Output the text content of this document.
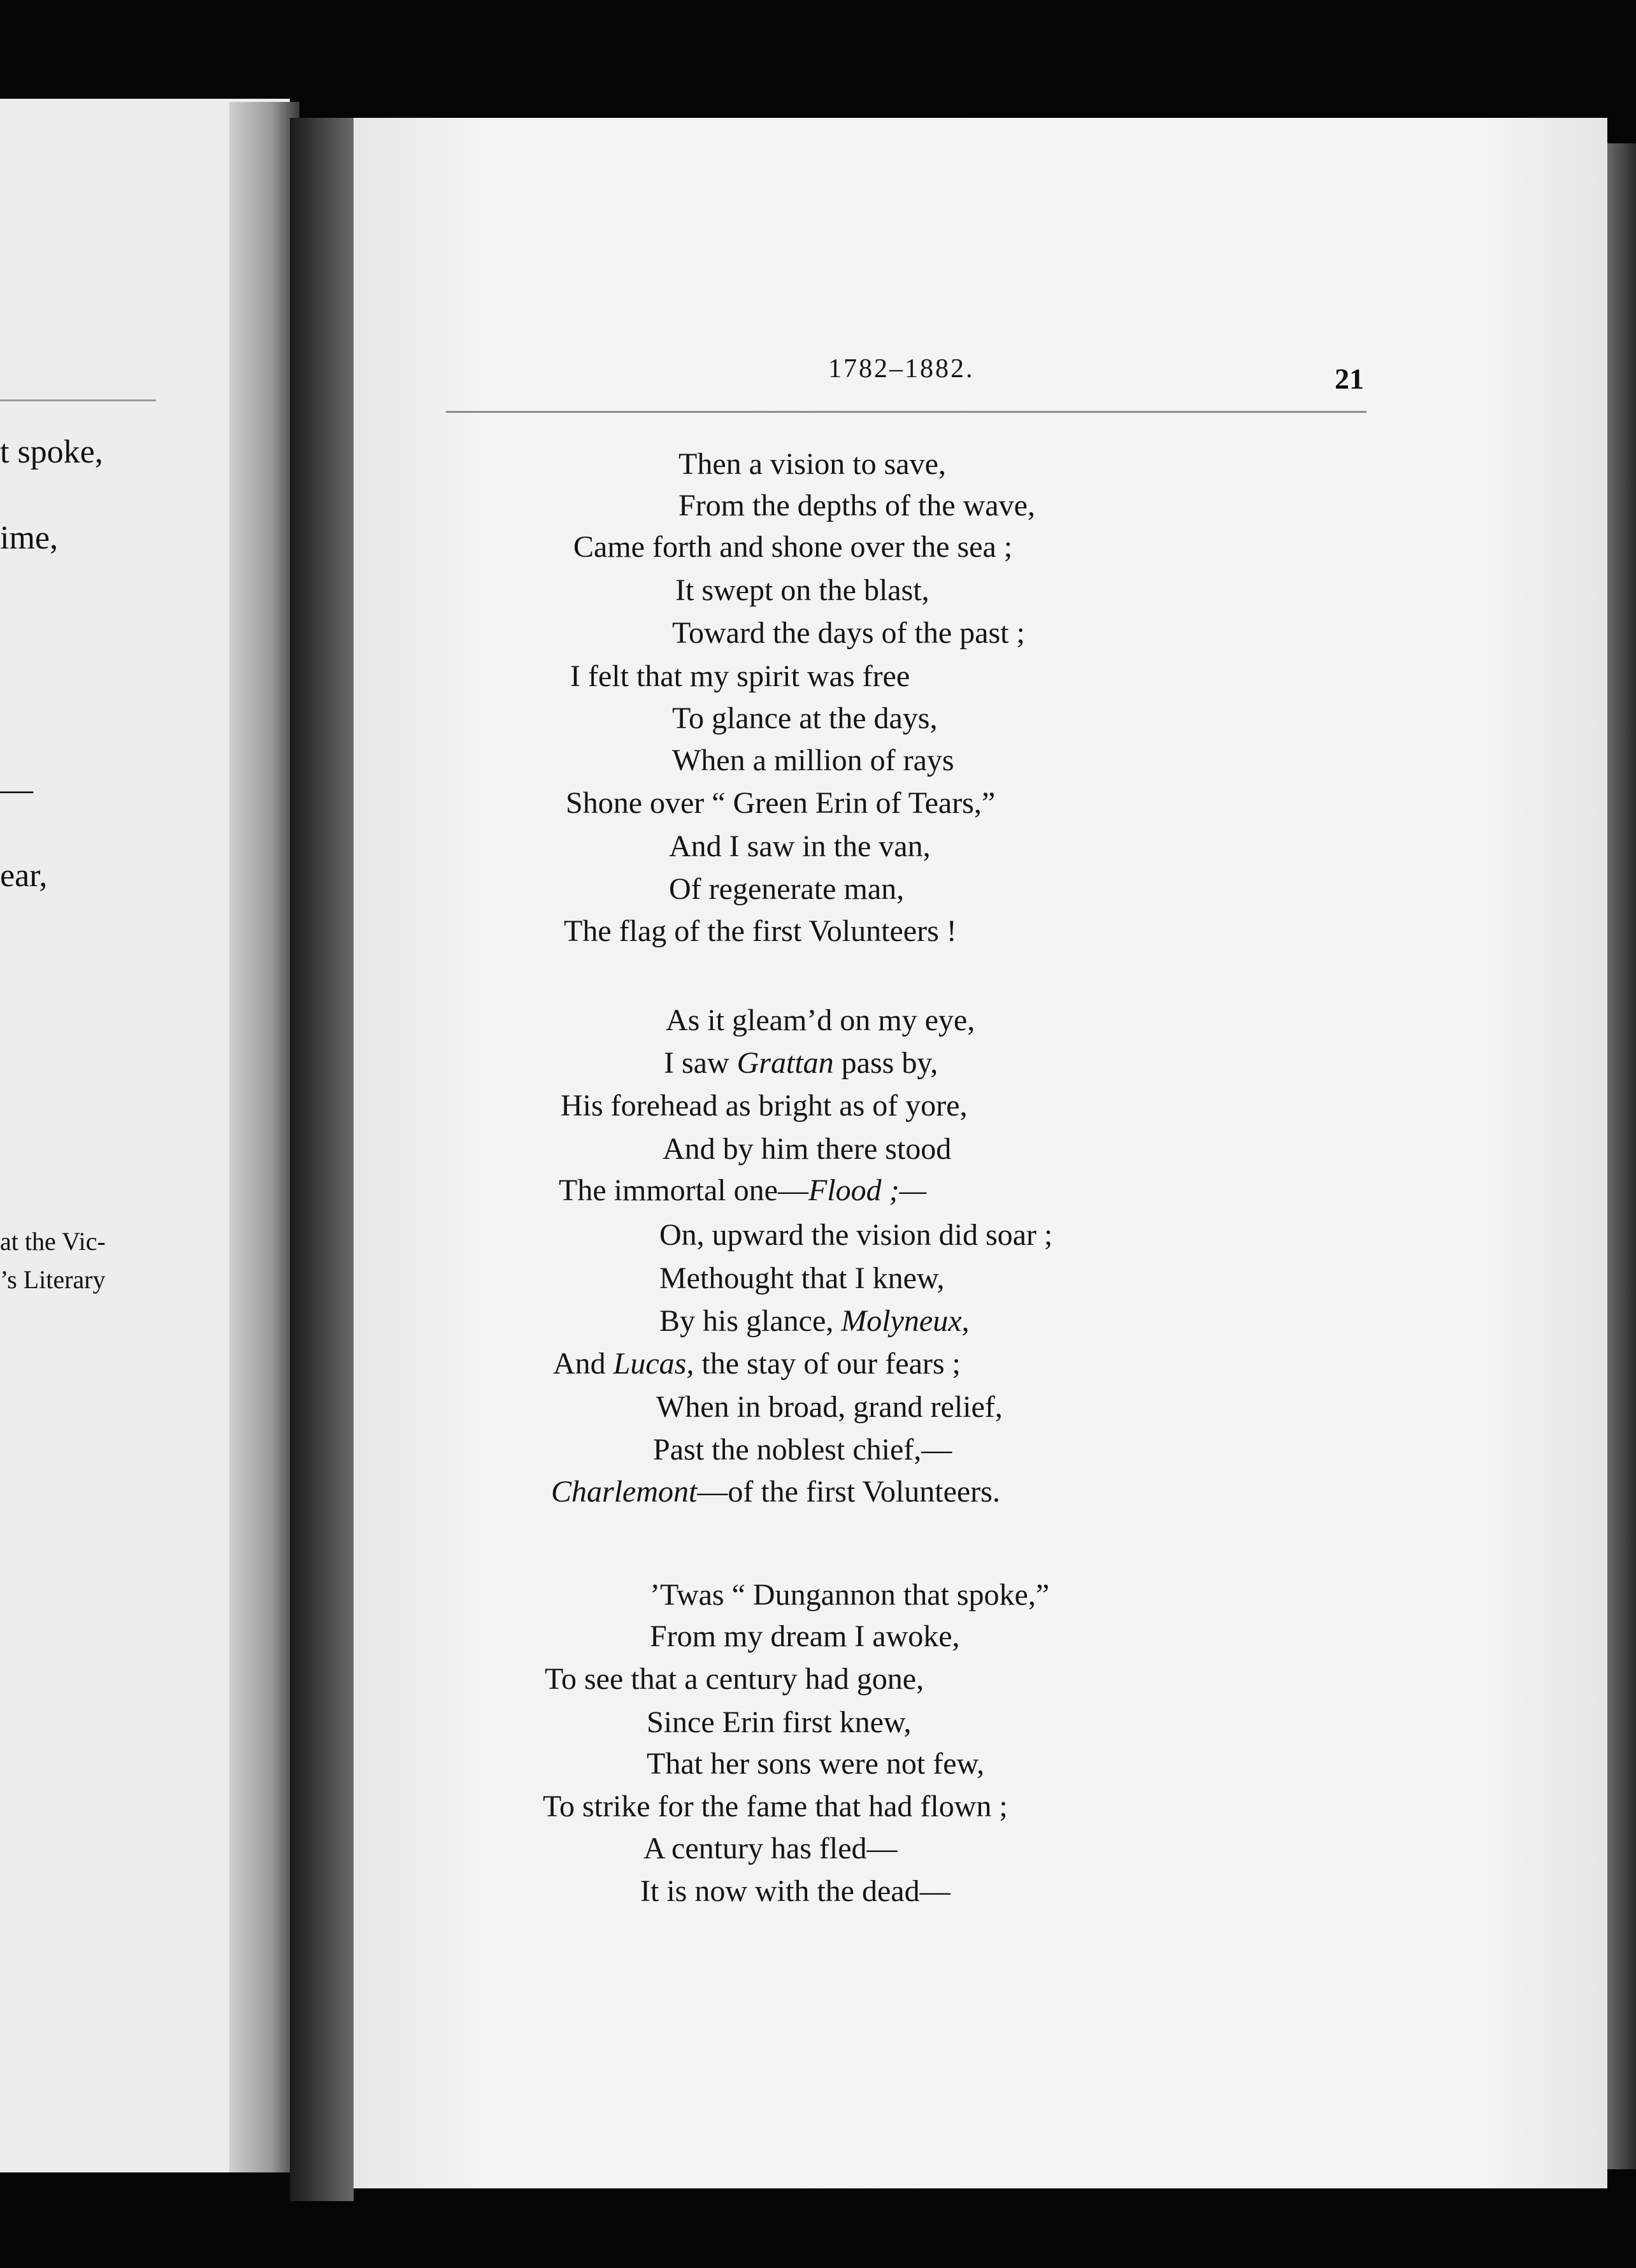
t spoke,
ime,
—
ear,
at the Vic-
’s Literary
1782–1882.	21
Then a vision to save,
From the depths of the wave,
Came forth and shone over the sea ;
It swept on the blast,
Toward the days of the past ;
I felt that my spirit was free
To glance at the days,
When a million of rays
Shone over “ Green Erin of Tears,”
And I saw in the van,
Of regenerate man,
The flag of the first Volunteers !
As it gleam’d on my eye,
I saw Grattan pass by,
His forehead as bright as of yore,
And by him there stood
The immortal one—Flood ;—
On, upward the vision did soar ;
Methought that I knew,
By his glance, Molyneux,
And Lucas, the stay of our fears ;
When in broad, grand relief,
Past the noblest chief,—
Charlemont—of the first Volunteers.
’Twas “ Dungannon that spoke,”
From my dream I awoke,
To see that a century had gone,
Since Erin first knew,
That her sons were not few,
To strike for the fame that had flown ;
A century has fled—
It is now with the dead—
